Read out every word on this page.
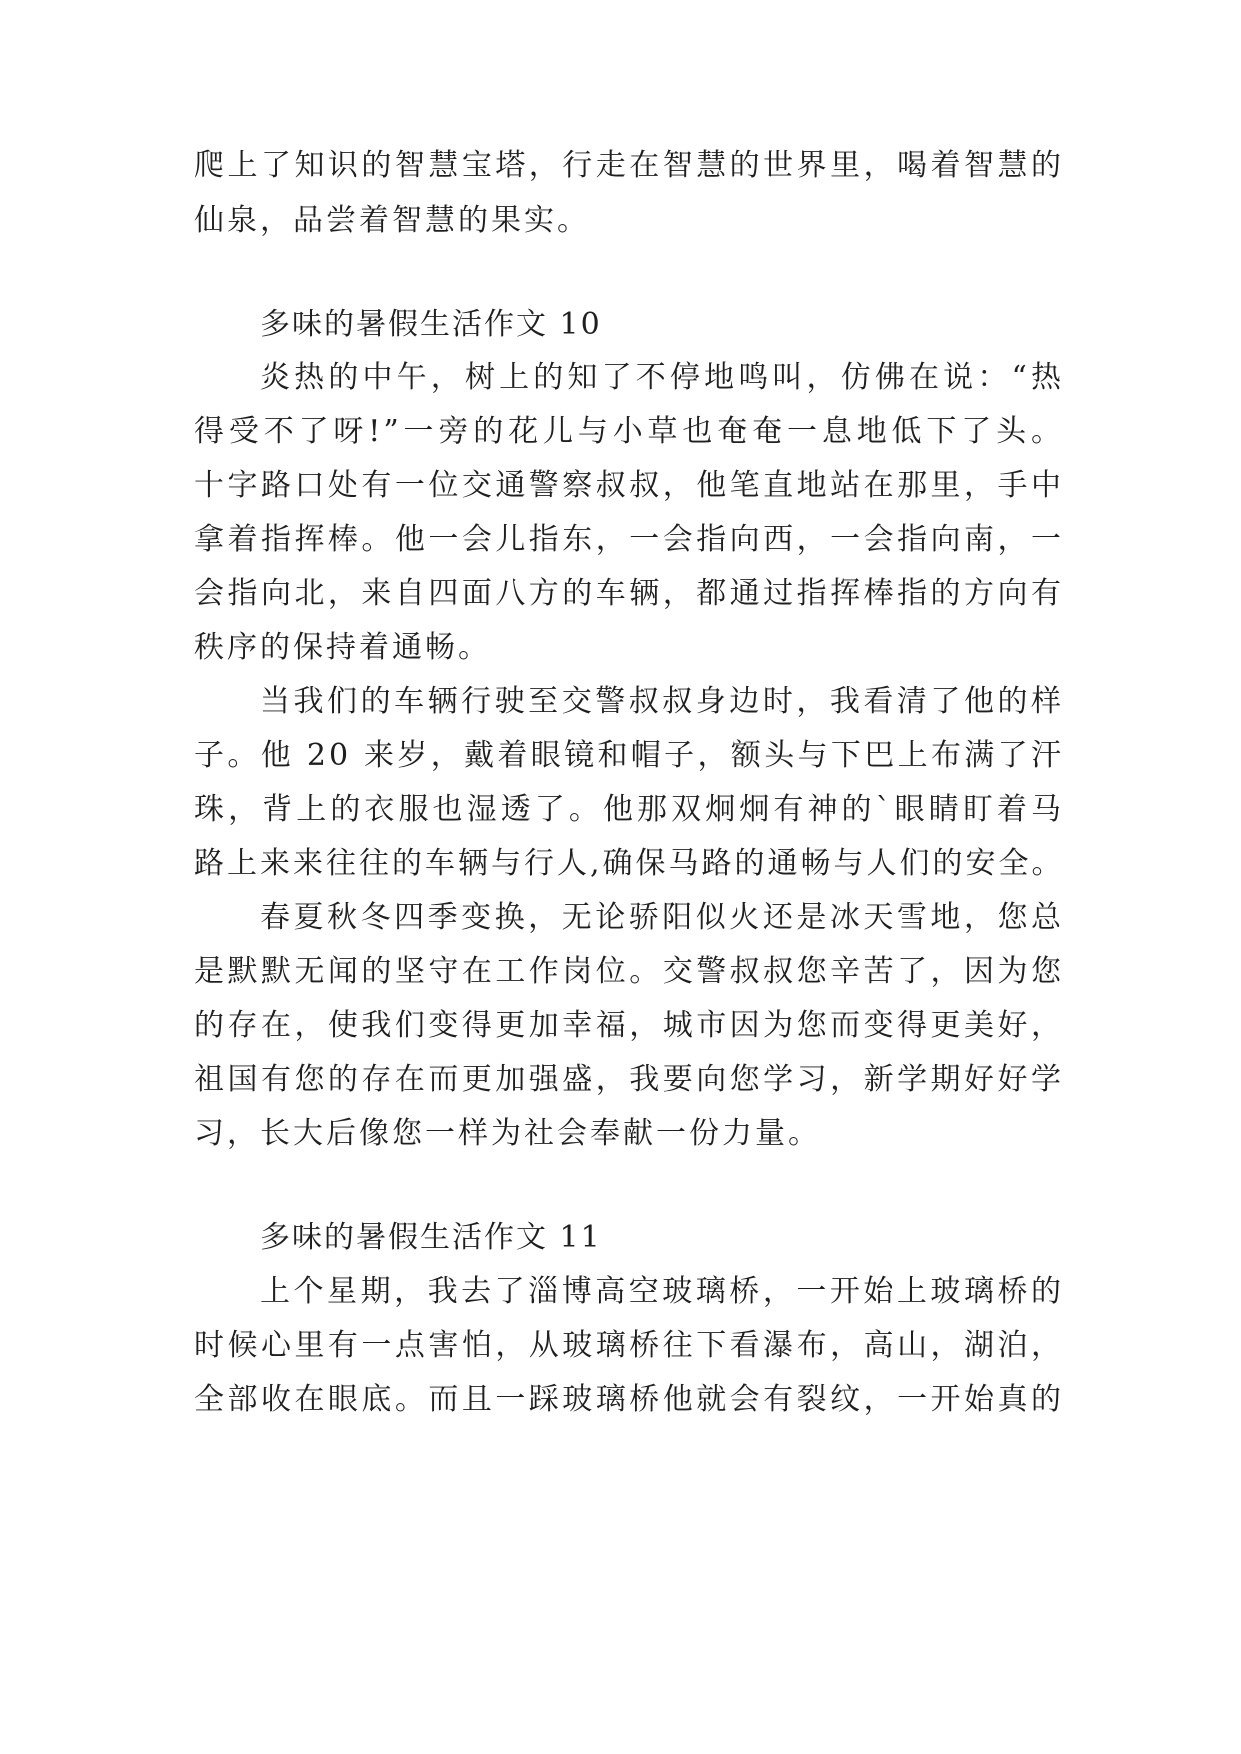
爬上了知识的智慧宝塔，行走在智慧的世界里，喝着智慧的
仙泉，品尝着智慧的果实。
多味的暑假生活作文 10
炎热的中午，树上的知了不停地鸣叫，仿佛在说：“热
得受不了呀!”一旁的花儿与小草也奄奄一息地低下了头。
十字路口处有一位交通警察叔叔，他笔直地站在那里，手中
拿着指挥棒。他一会儿指东，一会指向西，一会指向南，一
会指向北，来自四面八方的车辆，都通过指挥棒指的方向有
秩序的保持着通畅。
当我们的车辆行驶至交警叔叔身边时，我看清了他的样
子。他 20 来岁，戴着眼镜和帽子，额头与下巴上布满了汗
珠，背上的衣服也湿透了。他那双炯炯有神的`眼睛盯着马
路上来来往往的车辆与行人,确保马路的通畅与人们的安全。
春夏秋冬四季变换，无论骄阳似火还是冰天雪地，您总
是默默无闻的坚守在工作岗位。交警叔叔您辛苦了，因为您
的存在，使我们变得更加幸福，城市因为您而变得更美好，
祖国有您的存在而更加强盛，我要向您学习，新学期好好学
习，长大后像您一样为社会奉献一份力量。
多味的暑假生活作文 11
上个星期，我去了淄博高空玻璃桥，一开始上玻璃桥的
时候心里有一点害怕，从玻璃桥往下看瀑布，高山，湖泊，
全部收在眼底。而且一踩玻璃桥他就会有裂纹，一开始真的
